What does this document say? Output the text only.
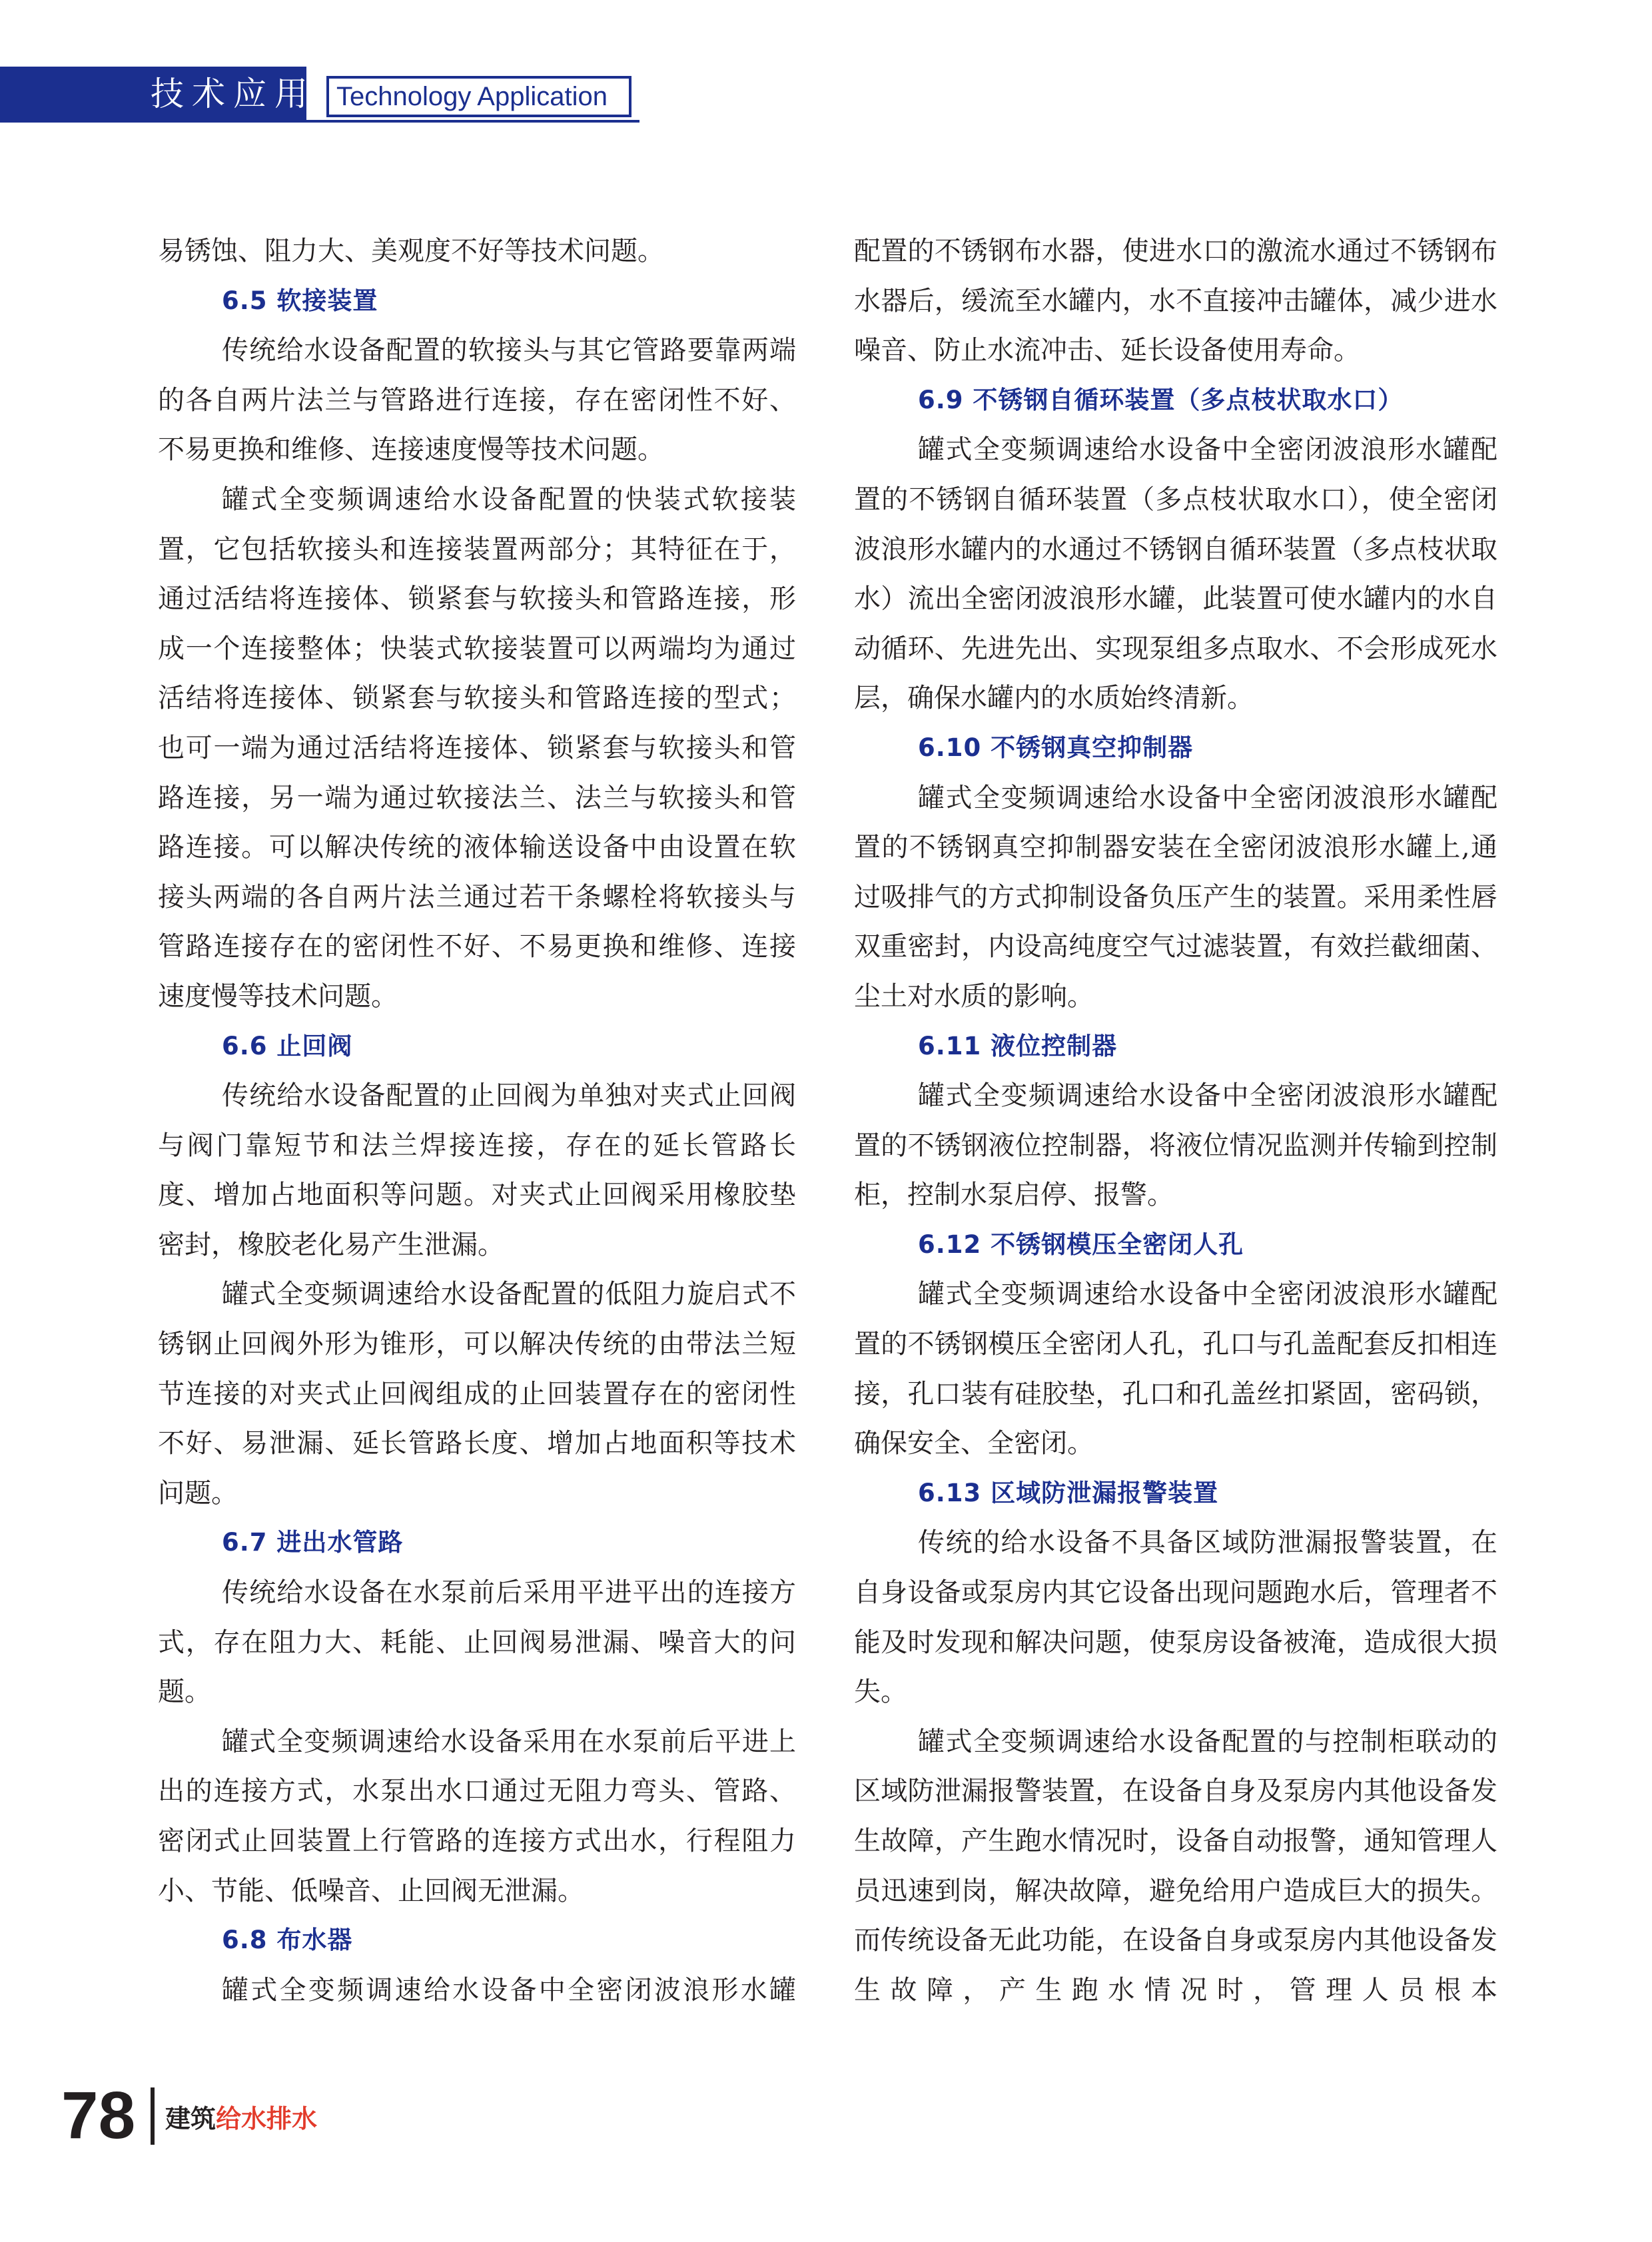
技术应用 Technology Application

易锈蚀、阻力大、美观度不好等技术问题。

6.5 软接装置

传统给水设备配置的软接头与其它管路要靠两端的各自两片法兰与管路进行连接，存在密闭性不好、不易更换和维修、连接速度慢等技术问题。

罐式全变频调速给水设备配置的快装式软接装置，它包括软接头和连接装置两部分；其特征在于，通过活结将连接体、锁紧套与软接头和管路连接，形成一个连接整体；快装式软接装置可以两端均为通过活结将连接体、锁紧套与软接头和管路连接的型式；也可一端为通过活结将连接体、锁紧套与软接头和管路连接，另一端为通过软接法兰、法兰与软接头和管路连接。可以解决传统的液体输送设备中由设置在软接头两端的各自两片法兰通过若干条螺栓将软接头与管路连接存在的密闭性不好、不易更换和维修、连接速度慢等技术问题。

6.6 止回阀

传统给水设备配置的止回阀为单独对夹式止回阀与阀门靠短节和法兰焊接连接，存在的延长管路长度、增加占地面积等问题。对夹式止回阀采用橡胶垫密封，橡胶老化易产生泄漏。

罐式全变频调速给水设备配置的低阻力旋启式不锈钢止回阀外形为锥形，可以解决传统的由带法兰短节连接的对夹式止回阀组成的止回装置存在的密闭性不好、易泄漏、延长管路长度、增加占地面积等技术问题。

6.7 进出水管路

传统给水设备在水泵前后采用平进平出的连接方式，存在阻力大、耗能、止回阀易泄漏、噪音大的问题。

罐式全变频调速给水设备采用在水泵前后平进上出的连接方式，水泵出水口通过无阻力弯头、管路、密闭式止回装置上行管路的连接方式出水，行程阻力小、节能、低噪音、止回阀无泄漏。

6.8 布水器

罐式全变频调速给水设备中全密闭波浪形水罐

配置的不锈钢布水器，使进水口的激流水通过不锈钢布水器后，缓流至水罐内，水不直接冲击罐体，减少进水噪音、防止水流冲击、延长设备使用寿命。

6.9 不锈钢自循环装置（多点枝状取水口）

罐式全变频调速给水设备中全密闭波浪形水罐配置的不锈钢自循环装置（多点枝状取水口），使全密闭波浪形水罐内的水通过不锈钢自循环装置（多点枝状取水）流出全密闭波浪形水罐，此装置可使水罐内的水自动循环、先进先出、实现泵组多点取水、不会形成死水层，确保水罐内的水质始终清新。

6.10 不锈钢真空抑制器

罐式全变频调速给水设备中全密闭波浪形水罐配置的不锈钢真空抑制器安装在全密闭波浪形水罐上,通过吸排气的方式抑制设备负压产生的装置。采用柔性唇双重密封，内设高纯度空气过滤装置，有效拦截细菌、尘土对水质的影响。

6.11 液位控制器

罐式全变频调速给水设备中全密闭波浪形水罐配置的不锈钢液位控制器，将液位情况监测并传输到控制柜，控制水泵启停、报警。

6.12 不锈钢模压全密闭人孔

罐式全变频调速给水设备中全密闭波浪形水罐配置的不锈钢模压全密闭人孔，孔口与孔盖配套反扣相连接，孔口装有硅胶垫，孔口和孔盖丝扣紧固，密码锁，确保安全、全密闭。

6.13 区域防泄漏报警装置

传统的给水设备不具备区域防泄漏报警装置，在自身设备或泵房内其它设备出现问题跑水后，管理者不能及时发现和解决问题，使泵房设备被淹，造成很大损失。

罐式全变频调速给水设备配置的与控制柜联动的区域防泄漏报警装置，在设备自身及泵房内其他设备发生故障，产生跑水情况时，设备自动报警，通知管理人员迅速到岗，解决故障，避免给用户造成巨大的损失。而传统设备无此功能，在设备自身或泵房内其他设备发生故障，产生跑水情况时，管理人员根本

78 建筑给水排水
